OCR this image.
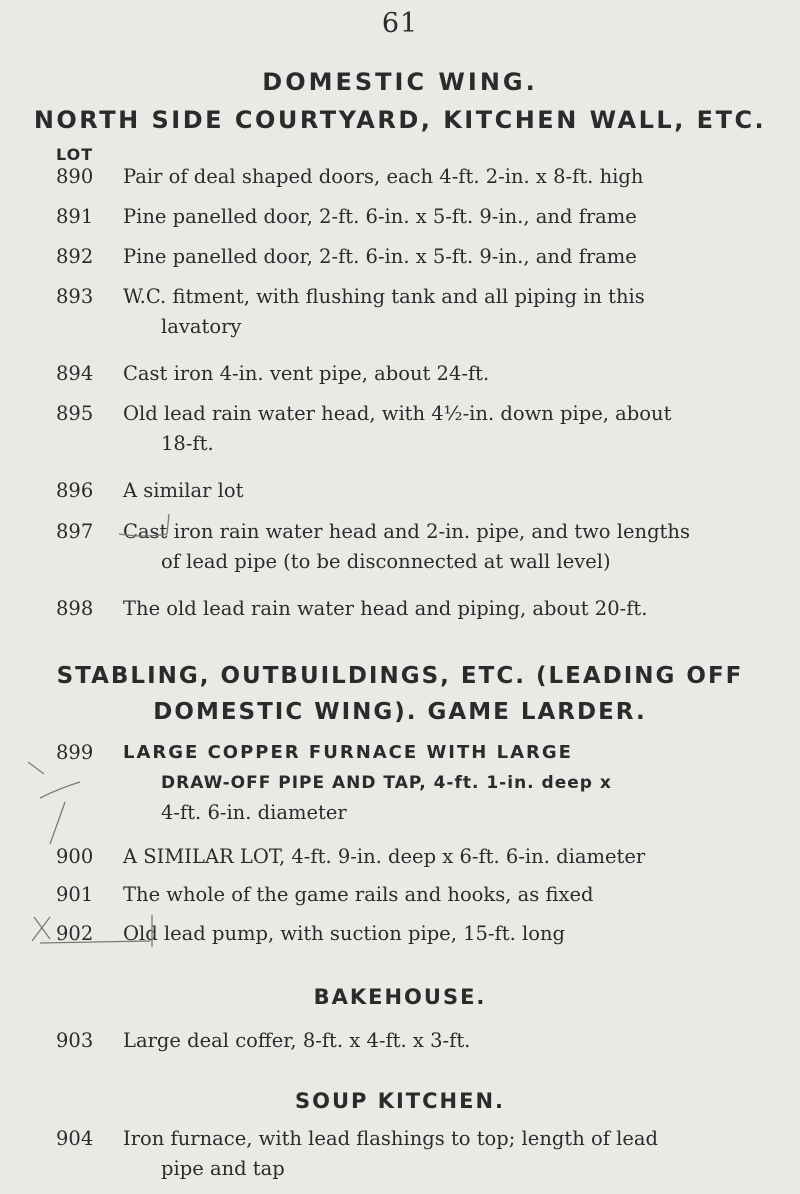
61
DOMESTIC WING.
NORTH SIDE COURTYARD, KITCHEN WALL, ETC.
LOT
890	Pair of deal shaped doors, each 4-ft. 2-in. x 8-ft. high
891	Pine panelled door, 2-ft. 6-in. x 5-ft. 9-in., and frame
892	Pine panelled door, 2-ft. 6-in. x 5-ft. 9-in., and frame
893	W.C. fitment, with flushing tank and all piping in this
lavatory
894	Cast iron 4-in. vent pipe, about 24-ft.
895	Old lead rain water head, with 4½-in. down pipe, about
18-ft.
896	A similar lot
897	Cast iron rain water head and 2-in. pipe, and two lengths
of lead pipe (to be disconnected at wall level)
898	The old lead rain water head and piping, about 20-ft.
STABLING, OUTBUILDINGS, ETC. (LEADING OFF
DOMESTIC WING). GAME LARDER.
899	LARGE COPPER FURNACE WITH LARGE
DRAW-OFF PIPE AND TAP, 4-ft. 1-in. deep x
4-ft. 6-in. diameter
900	A SIMILAR LOT, 4-ft. 9-in. deep x 6-ft. 6-in. diameter
901	The whole of the game rails and hooks, as fixed
902	Old lead pump, with suction pipe, 15-ft. long
BAKEHOUSE.
903	Large deal coffer, 8-ft. x 4-ft. x 3-ft.
SOUP KITCHEN.
904	Iron furnace, with lead flashings to top; length of lead
pipe and tap
